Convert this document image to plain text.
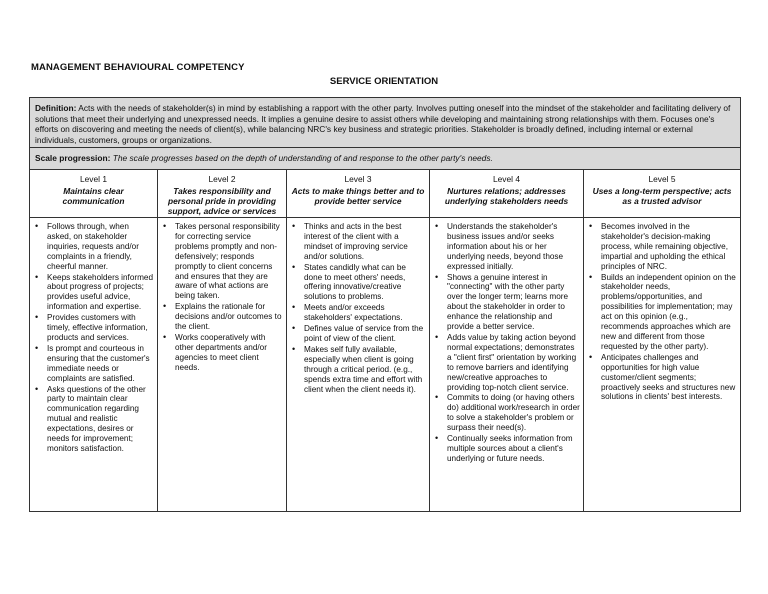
MANAGEMENT BEHAVIOURAL COMPETENCY
SERVICE ORIENTATION
Definition: Acts with the needs of stakeholder(s) in mind by establishing a rapport with the other party. Involves putting oneself into the mindset of the stakeholder and facilitating delivery of solutions that meet their underlying and unexpressed needs. It implies a genuine desire to assist others while developing and maintaining strong relationships with them. Focuses one's efforts on discovering and meeting the needs of client(s), while balancing NRC's key business and strategic priorities. Stakeholder is broadly defined, including internal or external individuals, customers, groups or organizations.
Scale progression: The scale progresses based on the depth of understanding of and response to the other party's needs.
Level 1
Maintains clear communication
Level 2
Takes responsibility and personal pride in providing support, advice or services
Level 3
Acts to make things better and to provide better service
Level 4
Nurtures relations; addresses underlying stakeholders needs
Level 5
Uses a long-term perspective; acts as a trusted advisor
• Follows through, when asked, on stakeholder inquiries, requests and/or complaints in a friendly, cheerful manner.
• Keeps stakeholders informed about progress of projects; provides useful advice, information and expertise.
• Provides customers with timely, effective information, products and services.
• Is prompt and courteous in ensuring that the customer's immediate needs or complaints are satisfied.
• Asks questions of the other party to maintain clear communication regarding mutual and realistic expectations, desires or needs for improvement; monitors satisfaction.
• Takes personal responsibility for correcting service problems promptly and non-defensively; responds promptly to client concerns and ensures that they are aware of what actions are being taken.
• Explains the rationale for decisions and/or outcomes to the client.
• Works cooperatively with other departments and/or agencies to meet client needs.
• Thinks and acts in the best interest of the client with a mindset of improving service and/or solutions.
• States candidly what can be done to meet others' needs, offering innovative/creative solutions to problems.
• Meets and/or exceeds stakeholders' expectations.
• Defines value of service from the point of view of the client.
• Makes self fully available, especially when client is going through a critical period. (e.g., spends extra time and effort with client when the client needs it).
• Understands the stakeholder's business issues and/or seeks information about his or her underlying needs, beyond those expressed initially.
• Shows a genuine interest in "connecting" with the other party over the longer term; learns more about the stakeholder in order to enhance the relationship and provide a better service.
• Adds value by taking action beyond normal expectations; demonstrates a "client first" orientation by working to remove barriers and identifying new/creative approaches to providing top-notch client service.
• Commits to doing (or having others do) additional work/research in order to solve a stakeholder's problem or surpass their need(s).
• Continually seeks information from multiple sources about a client's underlying or future needs.
• Becomes involved in the stakeholder's decision-making process, while remaining objective, impartial and upholding the ethical principles of NRC.
• Builds an independent opinion on the stakeholder needs, problems/opportunities, and possibilities for implementation; may act on this opinion (e.g., recommends approaches which are new and different from those requested by the other party).
• Anticipates challenges and opportunities for high value customer/client segments; proactively seeks and structures new solutions in clients' best interests.
